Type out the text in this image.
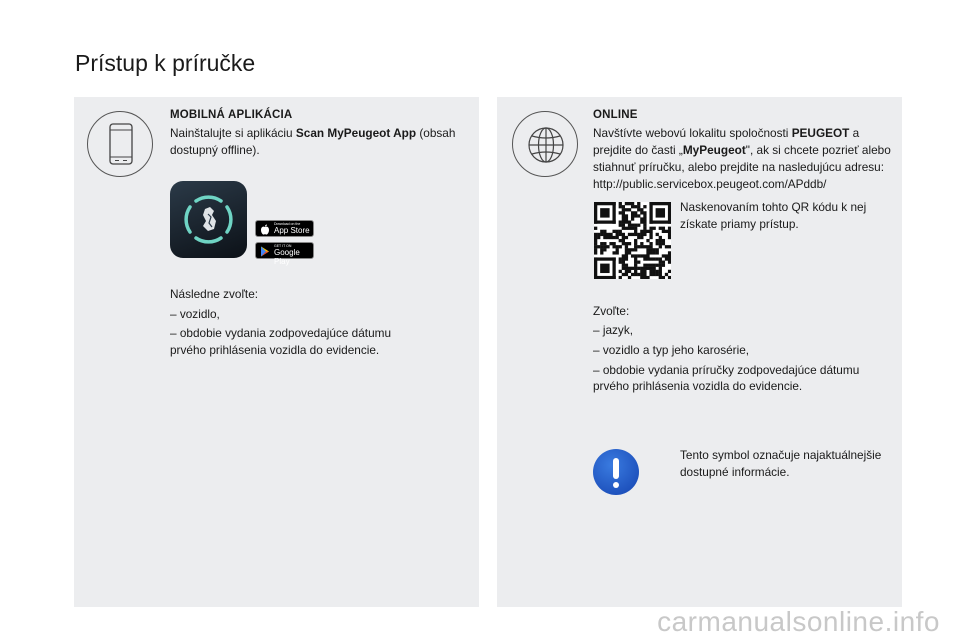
Prístup k príručke
MOBILNÁ APLIKÁCIA
Nainštalujte si aplikáciu Scan MyPeugeot App (obsah dostupný offline).
Download on the
App Store
GET IT ON
Google Play
Následne zvoľte:
– vozidlo,
– obdobie vydania zodpovedajúce dátumu
prvého prihlásenia vozidla do evidencie.
ONLINE
Navštívte webovú lokalitu spoločnosti PEUGEOT a prejdite do časti „MyPeugeot", ak si chcete pozrieť alebo stiahnuť príručku, alebo prejdite na nasledujúcu adresu:
http://public.servicebox.peugeot.com/APddb/
Naskenovaním tohto QR kódu k nej získate priamy prístup.
Zvoľte:
– jazyk,
– vozidlo a typ jeho karosérie,
– obdobie vydania príručky zodpovedajúce dátumu
prvého prihlásenia vozidla do evidencie.
Tento symbol označuje najaktuálnejšie dostupné informácie.
carmanualsonline.info
